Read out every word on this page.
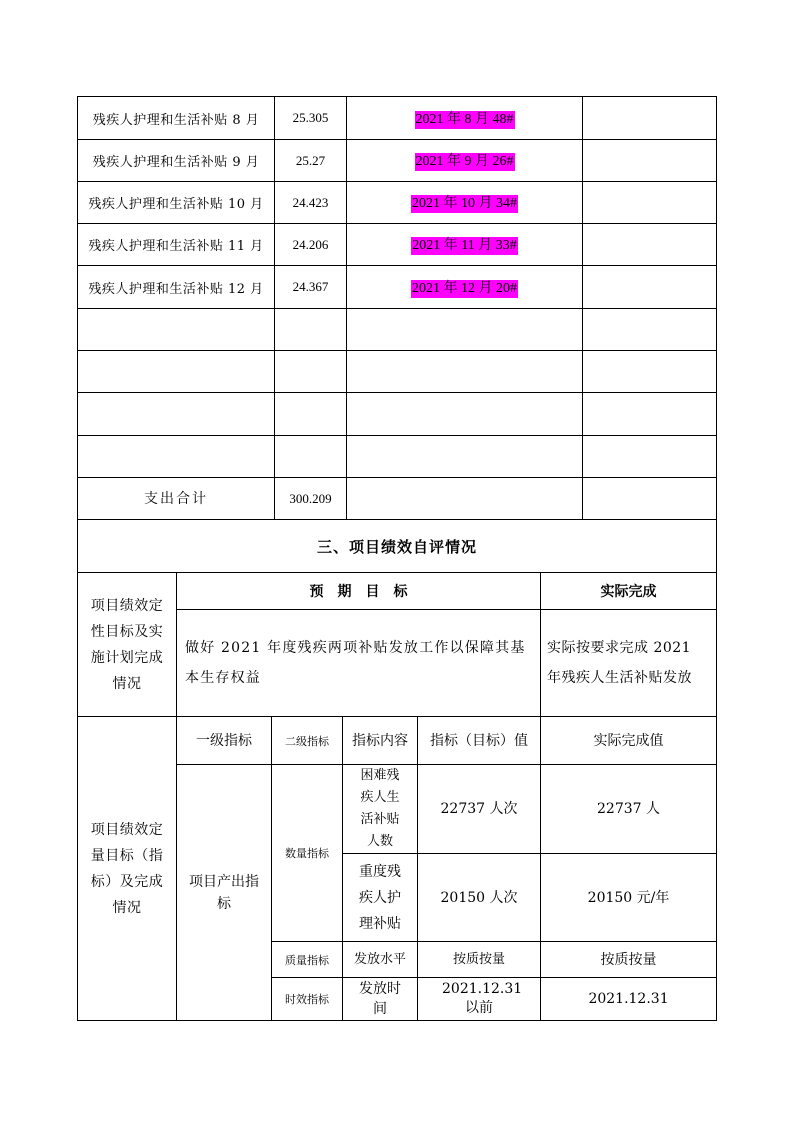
残疾人护理和生活补贴 8 月	25.305	2021 年 8 月 48#	
残疾人护理和生活补贴 9 月	25.27	2021 年 9 月 26#	
残疾人护理和生活补贴 10 月	24.423	2021 年 10 月 34#	
残疾人护理和生活补贴 11 月	24.206	2021 年 11 月 33#	
残疾人护理和生活补贴 12 月	24.367	2021 年 12 月 20#	

支出合计	300.209		
三、项目绩效自评情况					
项目绩效定性目标及实施计划完成情况	预　期　目　标				实际完成
	做好 2021 年度残疾两项补贴发放工作以保障其基本生存权益				实际按要求完成 2021 年残疾人生活补贴发放
项目绩效定量目标（指标）及完成情况	一级指标	二级指标	指标内容	指标（目标）值	实际完成值
	项目产出指标	数量指标	困难残疾人生活补贴人数	22737 人次	22737 人
			重度残疾人护理补贴	20150 人次	20150 元/年
		质量指标	发放水平	按质按量	按质按量
		时效指标	发放时间	2021.12.31 以前	2021.12.31
